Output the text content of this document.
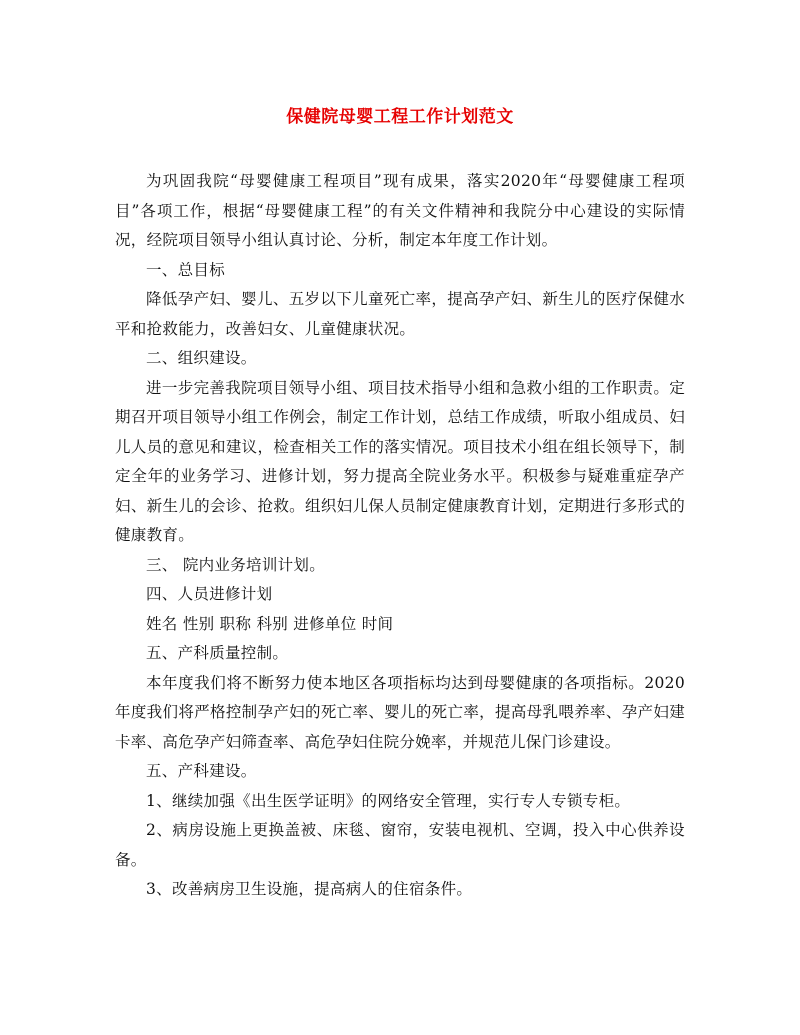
保健院母婴工程工作计划范文

为巩固我院“母婴健康工程项目”现有成果，落实2020年“母婴健康工程项目”各项工作，根据“母婴健康工程”的有关文件精神和我院分中心建设的实际情况，经院项目领导小组认真讨论、分析，制定本年度工作计划。

一、总目标

降低孕产妇、婴儿、五岁以下儿童死亡率，提高孕产妇、新生儿的医疗保健水平和抢救能力，改善妇女、儿童健康状况。

二、组织建设。

进一步完善我院项目领导小组、项目技术指导小组和急救小组的工作职责。定期召开项目领导小组工作例会，制定工作计划，总结工作成绩，听取小组成员、妇儿人员的意见和建议，检查相关工作的落实情况。项目技术小组在组长领导下，制定全年的业务学习、进修计划，努力提高全院业务水平。积极参与疑难重症孕产妇、新生儿的会诊、抢救。组织妇儿保人员制定健康教育计划，定期进行多形式的健康教育。

三、 院内业务培训计划。

四、人员进修计划

姓名 性别 职称 科别 进修单位 时间

五、产科质量控制。

本年度我们将不断努力使本地区各项指标均达到母婴健康的各项指标。2020年度我们将严格控制孕产妇的死亡率、婴儿的死亡率，提高母乳喂养率、孕产妇建卡率、高危孕产妇筛查率、高危孕妇住院分娩率，并规范儿保门诊建设。

五、产科建设。

1、继续加强《出生医学证明》的网络安全管理，实行专人专锁专柜。

2、病房设施上更换盖被、床毯、窗帘，安装电视机、空调，投入中心供养设备。

3、改善病房卫生设施，提高病人的住宿条件。
